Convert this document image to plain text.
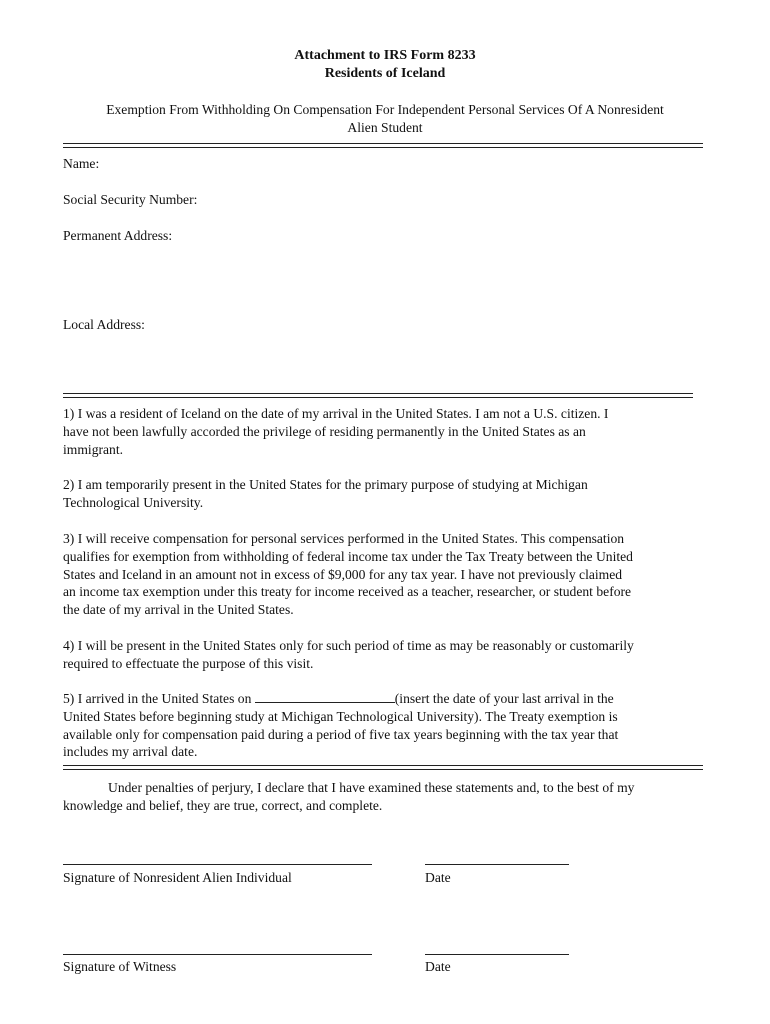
Attachment to IRS Form 8233

Residents of Iceland

Exemption From Withholding On Compensation For Independent Personal Services Of A Nonresident

Alien Student

Name:

Social Security Number:

Permanent Address:

Local Address:

1) I was a resident of Iceland on the date of my arrival in the United States. I am not a U.S. citizen. I
have not been lawfully accorded the privilege of residing permanently in the United States as an
immigrant.
2) I am temporarily present in the United States for the primary purpose of studying at Michigan
Technological University.
3) I will receive compensation for personal services performed in the United States. This compensation
qualifies for exemption from withholding of federal income tax under the Tax Treaty between the United
States and Iceland in an amount not in excess of $9,000 for any tax year. I have not previously claimed
an income tax exemption under this treaty for income received as a teacher, researcher, or student before
the date of my arrival in the United States.
4) I will be present in the United States only for such period of time as may be reasonably or customarily
required to effectuate the purpose of this visit.
5) I arrived in the United States on	(insert the date of your last arrival in the
United States before beginning study at Michigan Technological University). The Treaty exemption is
available only for compensation paid during a period of five tax years beginning with the tax year that
includes my arrival date.

Under penalties of perjury, I declare that I have examined these statements and, to the best of my

knowledge and belief, they are true, correct, and complete.

Signature of Nonresident Alien Individual	Date

Signature of Witness	Date
